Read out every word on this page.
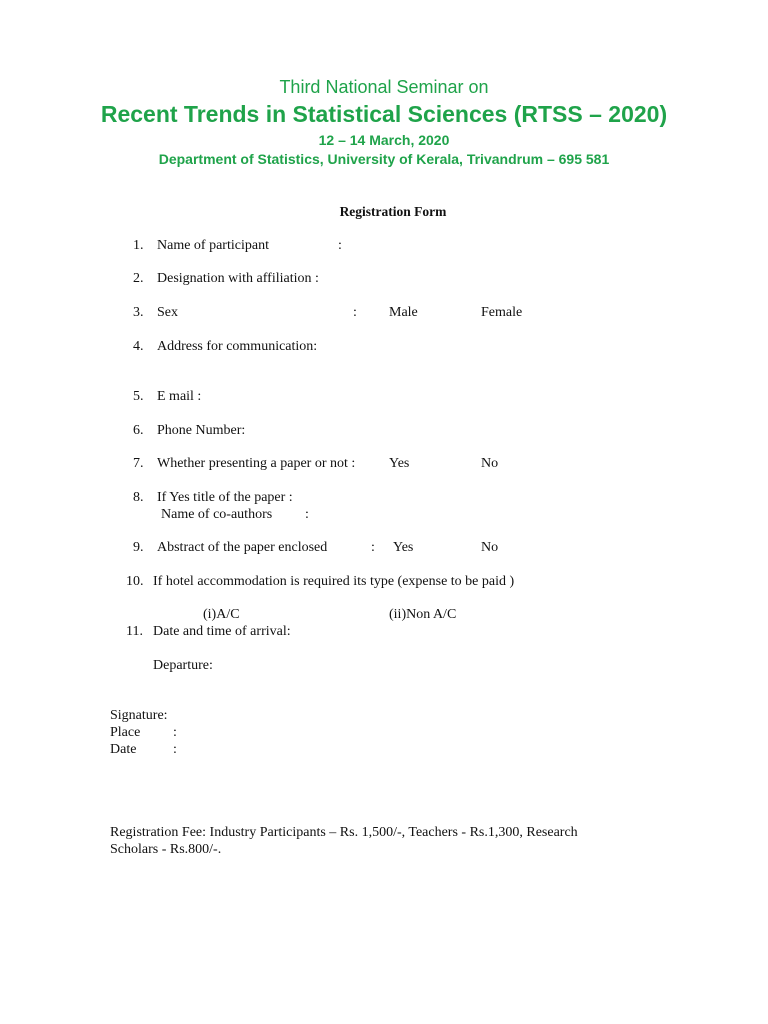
Third National Seminar on
Recent Trends in Statistical Sciences (RTSS – 2020)
12 – 14 March, 2020
Department of Statistics, University of Kerala, Trivandrum – 695 581
Registration Form
1. Name of participant	:
2. Designation with affiliation :
3. Sex	: Male	Female
4. Address for communication:
5. E mail :
6. Phone Number:
7. Whether presenting a paper or not : Yes	No
8. If Yes title of the paper :
Name of co-authors :
9. Abstract of the paper enclosed	: Yes	No
10. If hotel accommodation is required its type (expense to be paid )
(i)A/C	(ii)Non A/C
11. Date and time of arrival:
Departure:
Signature:
Place :
Date	:
Registration Fee: Industry Participants – Rs. 1,500/-, Teachers - Rs.1,300, Research
Scholars - Rs.800/-.
